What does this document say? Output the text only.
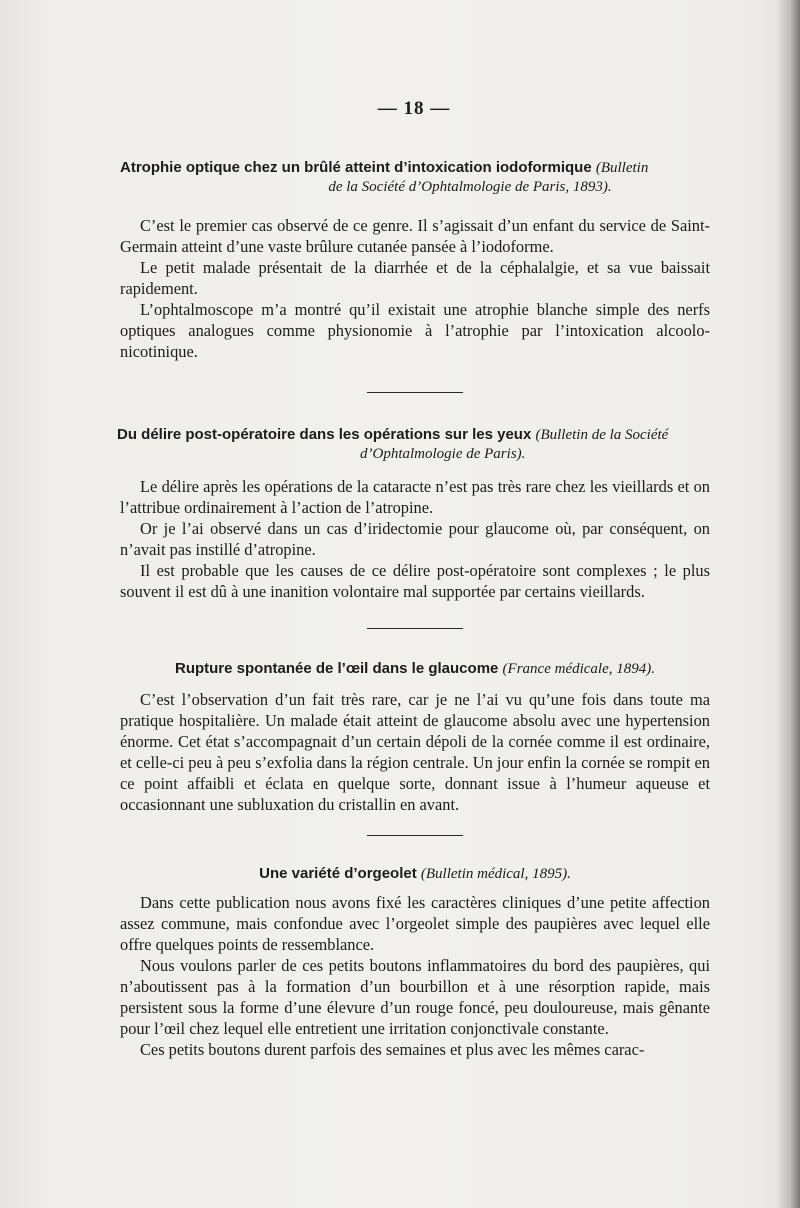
— 18 —

Atrophie optique chez un brûlé atteint d’intoxication iodoformique (Bulletin

de la Société d’Ophtalmologie de Paris, 1893).

C’est le premier cas observé de ce genre. Il s’agissait d’un enfant du service de Saint-Germain atteint d’une vaste brûlure cutanée pansée à l’iodoforme.

Le petit malade présentait de la diarrhée et de la céphalalgie, et sa vue baissait rapidement.

L’ophtalmoscope m’a montré qu’il existait une atrophie blanche simple des nerfs optiques analogues comme physionomie à l’atrophie par l’intoxication alcoolo-nicotinique.

Du délire post-opératoire dans les opérations sur les yeux (Bulletin de la Société

d’Ophtalmologie de Paris).

Le délire après les opérations de la cataracte n’est pas très rare chez les vieillards et on l’attribue ordinairement à l’action de l’atropine.

Or je l’ai observé dans un cas d’iridectomie pour glaucome où, par conséquent, on n’avait pas instillé d’atropine.

Il est probable que les causes de ce délire post-opératoire sont complexes ; le plus souvent il est dû à une inanition volontaire mal supportée par certains vieillards.

Rupture spontanée de l’œil dans le glaucome (France médicale, 1894).

C’est l’observation d’un fait très rare, car je ne l’ai vu qu’une fois dans toute ma pratique hospitalière. Un malade était atteint de glaucome absolu avec une hypertension énorme. Cet état s’accompagnait d’un certain dépoli de la cornée comme il est ordinaire, et celle-ci peu à peu s’exfolia dans la région centrale. Un jour enfin la cornée se rompit en ce point affaibli et éclata en quelque sorte, donnant issue à l’humeur aqueuse et occasionnant une subluxation du cristallin en avant.

Une variété d’orgeolet (Bulletin médical, 1895).

Dans cette publication nous avons fixé les caractères cliniques d’une petite affection assez commune, mais confondue avec l’orgeolet simple des paupières avec lequel elle offre quelques points de ressemblance.

Nous voulons parler de ces petits boutons inflammatoires du bord des paupières, qui n’aboutissent pas à la formation d’un bourbillon et à une résorption rapide, mais persistent sous la forme d’une élevure d’un rouge foncé, peu douloureuse, mais gênante pour l’œil chez lequel elle entretient une irritation conjonctivale constante.

Ces petits boutons durent parfois des semaines et plus avec les mêmes carac-
